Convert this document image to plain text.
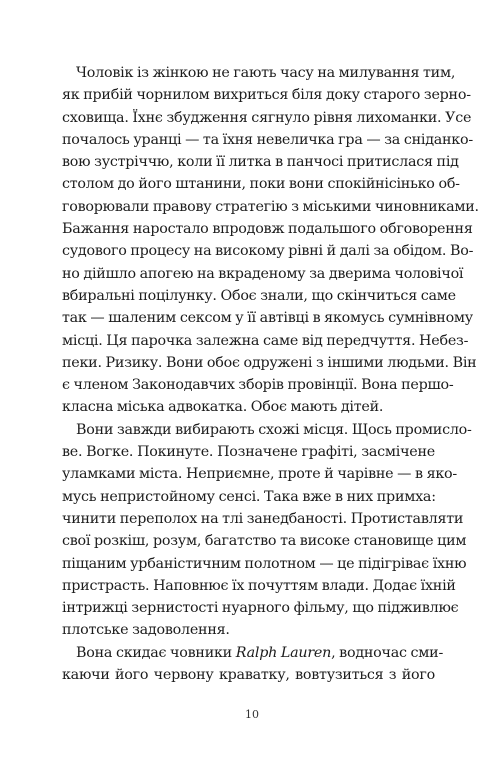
Чоловік із жінкою не гають часу на милування тим,
як прибій чорнилом вихриться біля доку старого зерно-
сховища. Їхнє збудження сягнуло рівня лихоманки. Усе
почалось уранці — та їхня невеличка гра — за сніданко-
вою зустріччю, коли її литка в панчосі притислася під
столом до його штанини, поки вони спокійнісінько об-
говорювали правову стратегію з міськими чиновниками.
Бажання наростало впродовж подальшого обговорення
судового процесу на високому рівні й далі за обідом. Во-
но дійшло апогею на вкраденому за дверима чоловічої
вбиральні поцілунку. Обоє знали, що скінчиться саме
так — шаленим сексом у її автівці в якомусь сумнівному
місці. Ця парочка залежна саме від передчуття. Небез-
пеки. Ризику. Вони обоє одружені з іншими людьми. Він
є членом Законодавчих зборів провінції. Вона першо-
класна міська адвокатка. Обоє мають дітей.
Вони завжди вибирають схожі місця. Щось промисло-
ве. Вогке. Покинуте. Позначене графіті, засмічене
уламками міста. Неприємне, проте й чарівне — в яко-
мусь непристойному сенсі. Така вже в них примха:
чинити переполох на тлі занедбаності. Протиставляти
свої розкіш, розум, багатство та високе становище цим
піщаним урбаністичним полотном — це підігріває їхню
пристрасть. Наповнює їх почуттям влади. Додає їхній
інтрижці зернистості нуарного фільму, що підживлює
плотське задоволення.
Вона скидає човники Ralph Lauren, водночас сми-
каючи його червону краватку, вовтузиться з його
10
